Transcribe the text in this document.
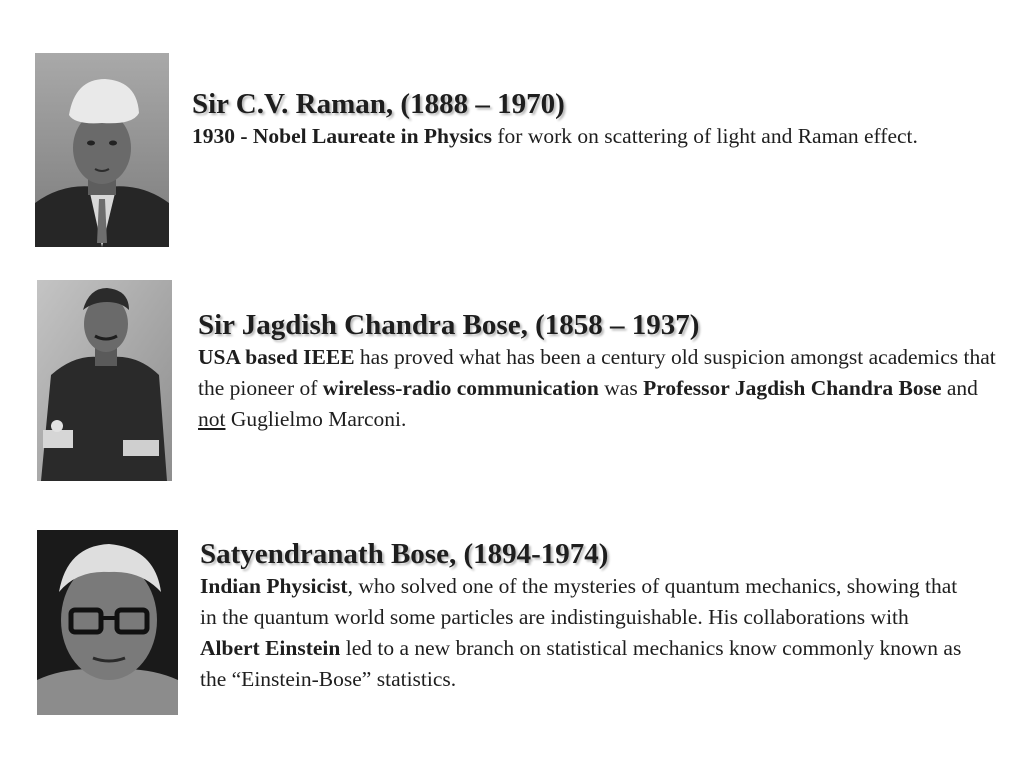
Sir C.V. Raman, (1888 – 1970)
1930 - Nobel Laureate in Physics for work on scattering of light and Raman effect.
Sir Jagdish Chandra Bose, (1858 – 1937)
USA based IEEE has proved what has been a century old suspicion amongst academics that the pioneer of wireless-radio communication was Professor Jagdish Chandra Bose and not Guglielmo Marconi.
Satyendranath Bose, (1894-1974)
Indian Physicist, who solved one of the mysteries of quantum mechanics, showing that in the quantum world some particles are indistinguishable. His collaborations with Albert Einstein led to a new branch on statistical mechanics know commonly known as the “Einstein-Bose” statistics.
